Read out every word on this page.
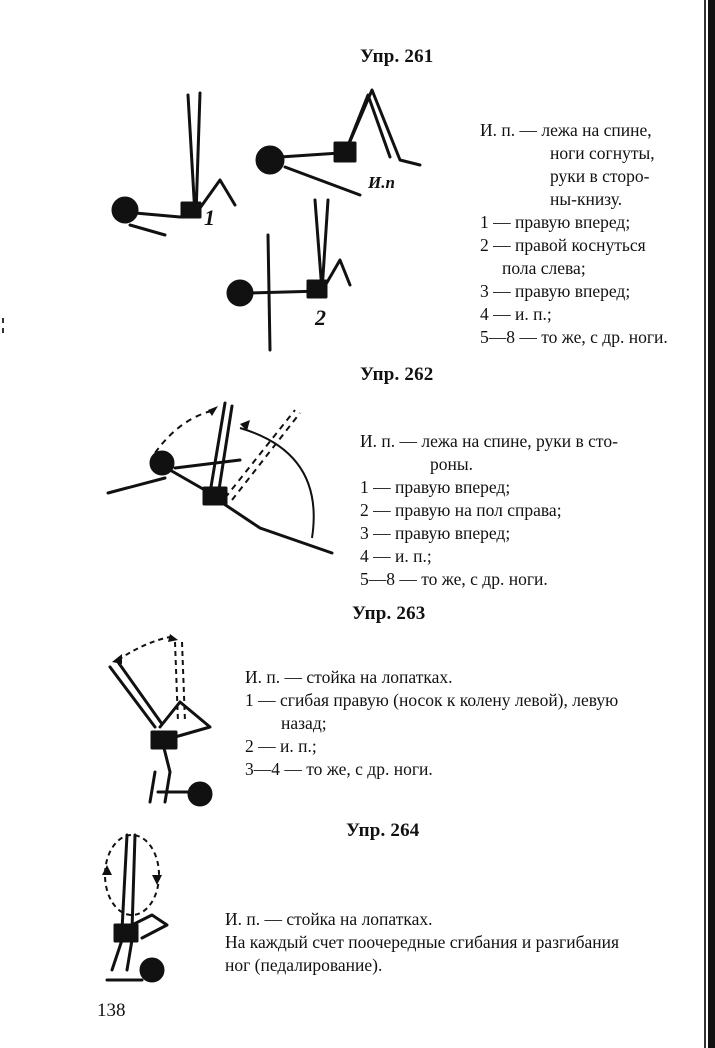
Упр. 261
1
И.п
2
И. п. — лежа на спине,
ноги согнуты,
руки в сторо-
ны-книзу.
1 — правую вперед;
2 — правой коснуться
пола слева;
3 — правую вперед;
4 — и. п.;
5—8 — то же, с др. ноги.
Упр. 262
И. п. — лежа на спине, руки в сто-
роны.
1 — правую вперед;
2 — правую на пол справа;
3 — правую вперед;
4 — и. п.;
5—8 — то же, с др. ноги.
Упр. 263
И. п. — стойка на лопатках.
1 — сгибая правую (носок к колену левой), левую
назад;
2 — и. п.;
3—4 — то же, с др. ноги.
Упр. 264
И. п. — стойка на лопатках.
На каждый счет поочередные сгибания и разгибания
ног (педалирование).
138
